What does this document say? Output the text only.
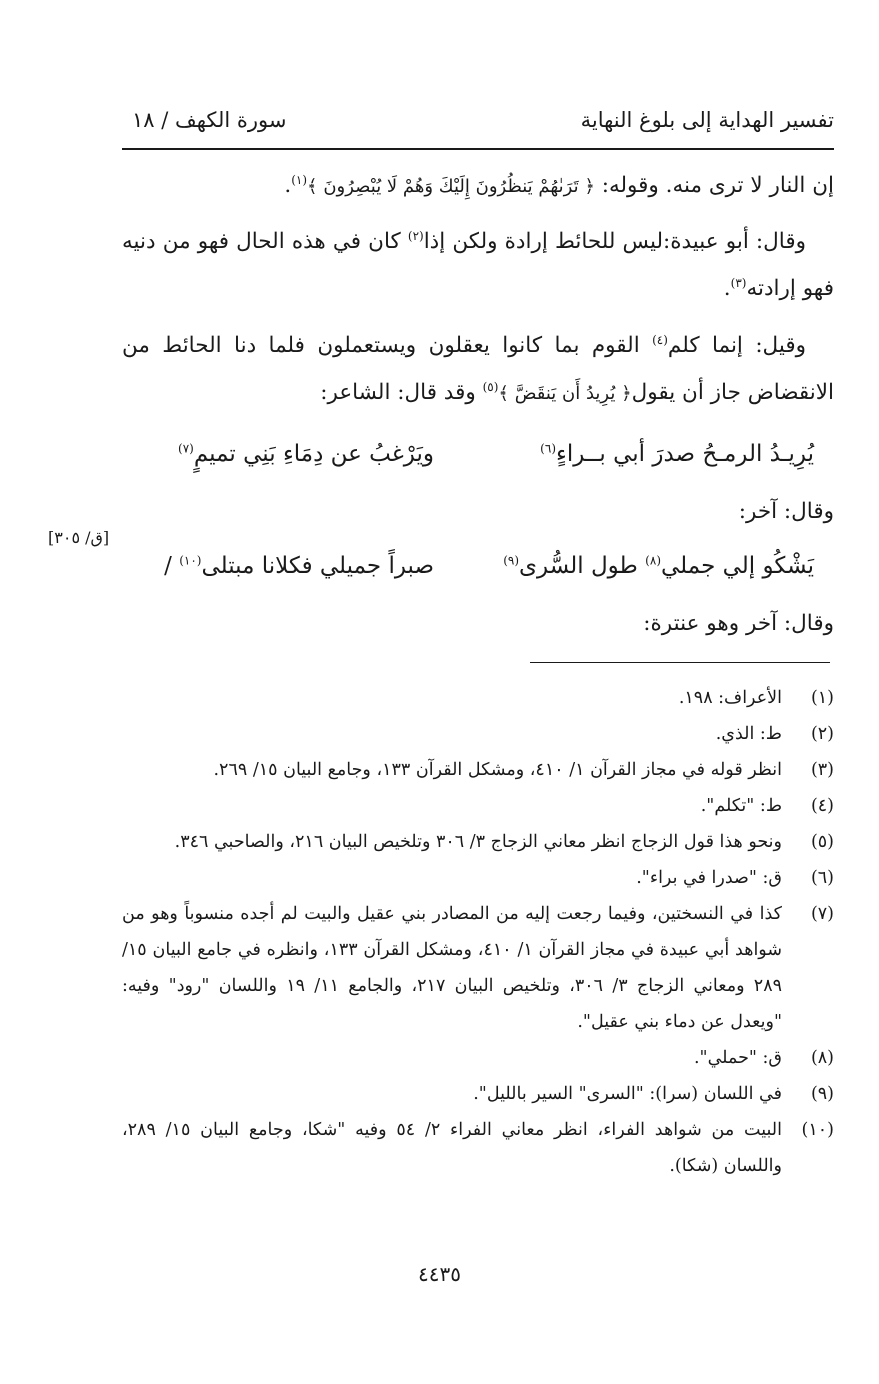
تفسير الهداية إلى بلوغ النهاية
سورة الكهف / ١٨

إن النار لا ترى منه. وقوله: ﴿ تَرَىٰهُمْ يَنظُرُونَ إِلَيْكَ وَهُمْ لَا يُبْصِرُونَ ﴾$^{(١)}$.

وقال: أبو عبيدة:ليس للحائط إرادة ولكن إذا$^{(٢)}$ كان في هذه الحال فهو من دنيه فهو إرادته$^{(٣)}$.

وقيل: إنما كلم$^{(٤)}$ القوم بما كانوا يعقلون ويستعملون فلما دنا الحائط من الانقضاض جاز أن يقول﴿ يُرِيدُ أَن يَنقَضَّ ﴾$^{(٥)}$ وقد قال: الشاعر:

يُرِيـدُ الرمـحُ صدرَ أبي بــراءٍ$^{(٦)}$
ويَرْغبُ عن دِمَاءِ بَنِي تميمٍ$^{(٧)}$
وقال: آخر:
يَشْكُو إلي جملي$^{(٨)}$ طول السُّرى$^{(٩)}$
صبراً جميلي فكلانا مبتلى$^{(١٠)}$ /
وقال: آخر وهو عنترة:
[ق/ ٣٠٥]
(١)
الأعراف: ١٩٨.
(٢)
ط: الذي.
(٣)
انظر قوله في مجاز القرآن ١/ ٤١٠، ومشكل القرآن ١٣٣، وجامع البيان ١٥/ ٢٦٩.
(٤)
ط: "تكلم".
(٥)
ونحو هذا قول الزجاج انظر معاني الزجاج ٣/ ٣٠٦ وتلخيص البيان ٢١٦، والصاحبي ٣٤٦.
(٦)
ق: "صدرا في براء".
(٧)
كذا في النسختين، وفيما رجعت إليه من المصادر بني عقيل والبيت لم أجده منسوباً وهو من شواهد أبي عبيدة في مجاز القرآن ١/ ٤١٠، ومشكل القرآن ١٣٣، وانظره في جامع البيان ١٥/ ٢٨٩ ومعاني الزجاج ٣/ ٣٠٦، وتلخيص البيان ٢١٧، والجامع ١١/ ١٩ واللسان "رود" وفيه: "ويعدل عن دماء بني عقيل".
(٨)
ق: "حملي".
(٩)
في اللسان (سرا): "السرى" السير بالليل".
(١٠)
البيت من شواهد الفراء، انظر معاني الفراء ٢/ ٥٤ وفيه "شكا، وجامع البيان ١٥/ ٢٨٩، واللسان (شكا).
٤٤٣٥
